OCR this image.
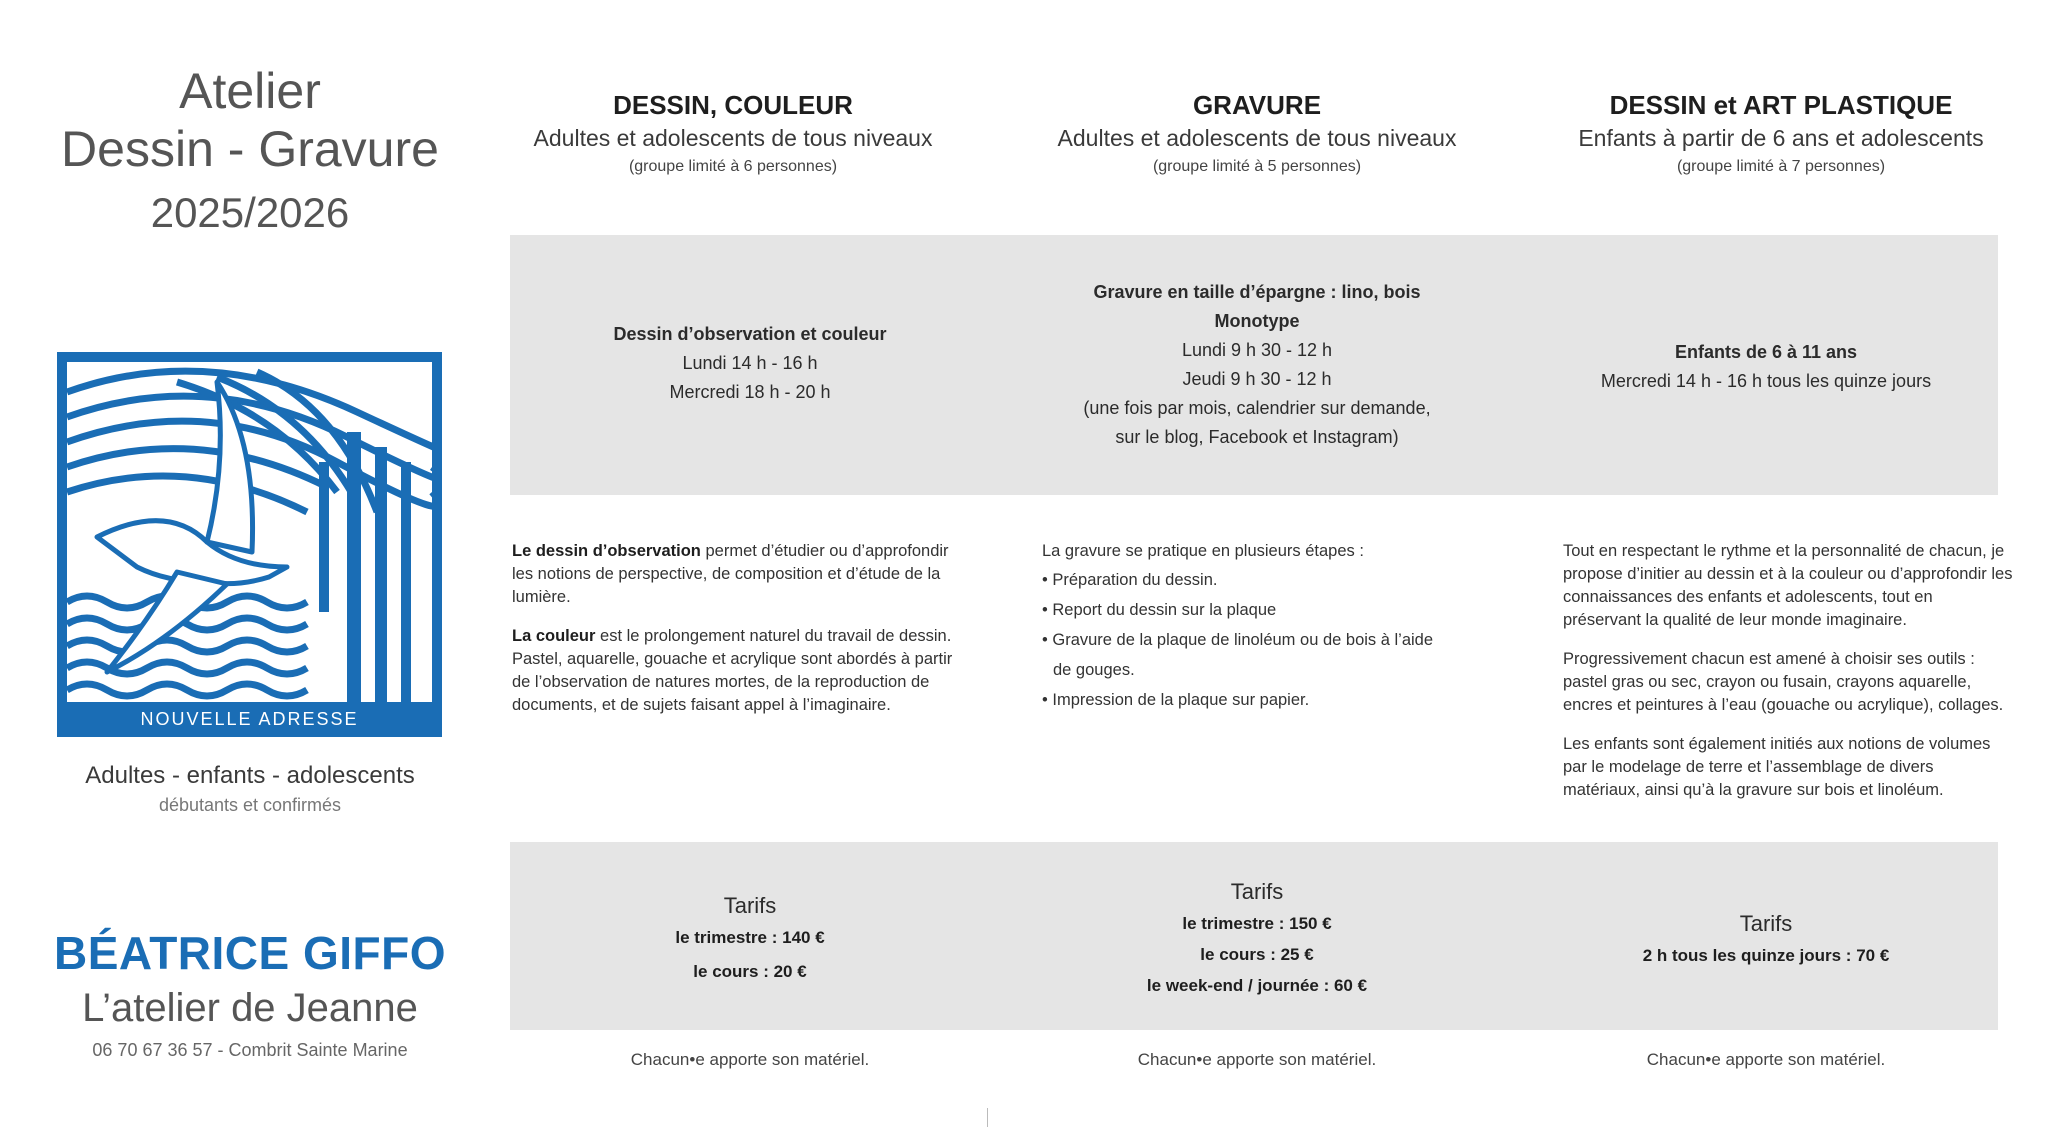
Atelier
Dessin - Gravure
2025/2026
NOUVELLE ADRESSE
Adultes - enfants - adolescents
débutants et confirmés
BÉATRICE GIFFO
L’atelier de Jeanne
06 70 67 36 57 - Combrit Sainte Marine
DESSIN, COULEUR
Adultes et adolescents de tous niveaux
(groupe limité à 6 personnes)
GRAVURE
Adultes et adolescents de tous niveaux
(groupe limité à 5 personnes)
DESSIN et ART PLASTIQUE
Enfants à partir de 6 ans et adolescents
(groupe limité à 7 personnes)
Dessin d’observation et couleur
Lundi 14 h - 16 h
Mercredi 18 h - 20 h
Gravure en taille d’épargne : lino, bois
Monotype
Lundi 9 h 30 - 12 h
Jeudi 9 h 30 - 12 h
(une fois par mois, calendrier sur demande,
sur le blog, Facebook et Instagram)
Enfants de 6 à 11 ans
Mercredi 14 h - 16 h tous les quinze jours

Le dessin d’observation permet d’étudier ou d’approfondir les notions de perspective, de composition et d’étude de la lumière.

La couleur est le prolongement naturel du travail de dessin. Pastel, aquarelle, gouache et acrylique sont abordés à partir de l’observation de natures mortes, de la reproduction de documents, et de sujets faisant appel à l’imaginaire.

La gravure se pratique en plusieurs étapes :
• Préparation du dessin.
• Report du dessin sur la plaque
• Gravure de la plaque de linoléum ou de bois à l’aide
de gouges.
• Impression de la plaque sur papier.

Tout en respectant le rythme et la personnalité de chacun, je propose d’initier au dessin et à la couleur ou d’approfondir les connaissances des enfants et adolescents, tout en préservant la qualité de leur monde imaginaire.

Progressivement chacun est amené à choisir ses outils : pastel gras ou sec, crayon ou fusain, crayons aquarelle, encres et peintures à l’eau (gouache ou acrylique), collages.

Les enfants sont également initiés aux notions de volumes par le modelage de terre et l’assemblage de divers matériaux, ainsi qu’à la gravure sur bois et linoléum.

Tarifs
le trimestre : 140 €
le cours : 20 €
Tarifs
le trimestre : 150 €
le cours : 25 €
le week-end / journée : 60 €
Tarifs
2 h tous les quinze jours : 70 €
Chacun•e apporte son matériel.	Chacun•e apporte son matériel.	Chacun•e apporte son matériel.
